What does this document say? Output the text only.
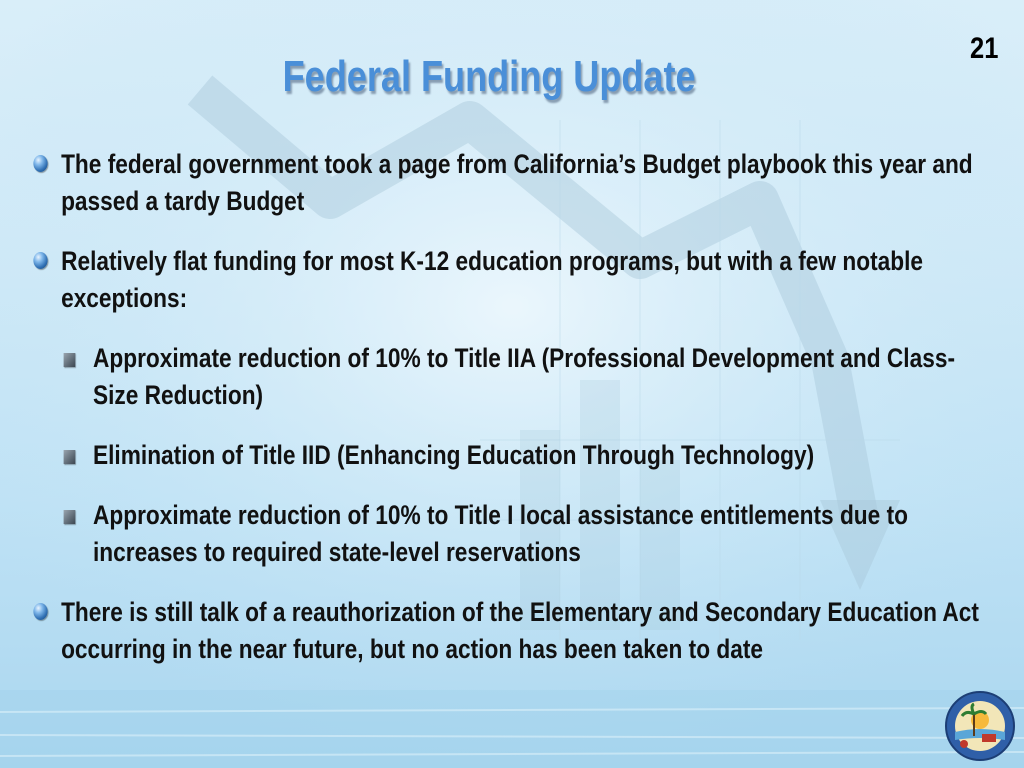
21
Federal Funding Update
The federal government took a page from California’s Budget playbook this year and passed a tardy Budget
Relatively flat funding for most K-12 education programs, but with a few notable exceptions:
Approximate reduction of 10% to Title IIA (Professional Development and Class-Size Reduction)
Elimination of Title IID (Enhancing Education Through Technology)
Approximate reduction of 10% to Title I local assistance entitlements due to increases to required state-level reservations
There is still talk of a reauthorization of the Elementary and Secondary Education Act occurring in the near future, but no action has been taken to date
